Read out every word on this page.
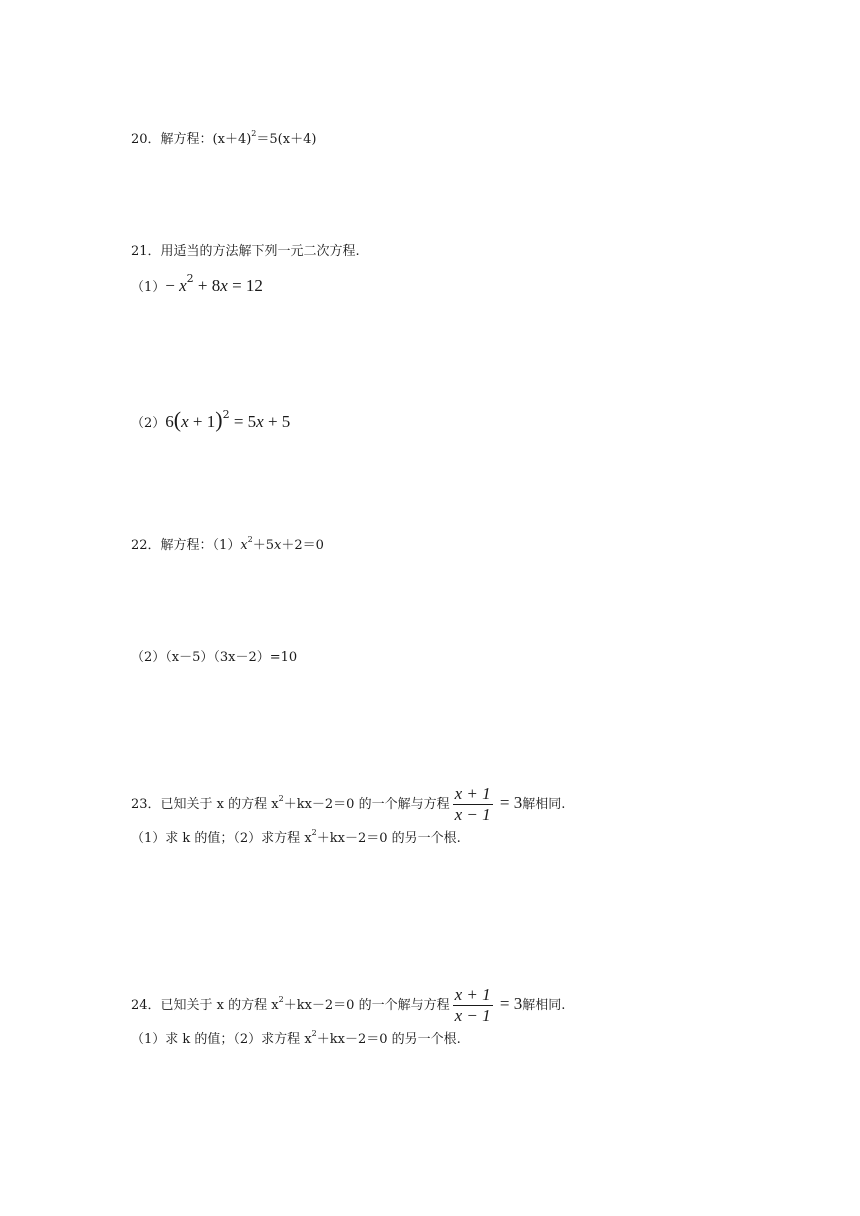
20．解方程：$(x+4)^2=5(x+4)$
21．用适当的方法解下列一元二次方程.
$(1)- x^2 + 8x = 12$
$(2)6(x + 1)^2 = 5x + 5$
22．解方程：$(1)x^2+5x+2=0$
（2）（x－5）（3x－2）=10
23．已知关于 x 的方程 $x^2+kx-2=0$ 的一个解与方程 $\frac{x + 1}{x - 1} = 3$解相同.
（1）求 k 的值；（2）求方程 $x^2+kx-2=0$ 的另一个根.
24．已知关于 x 的方程 $x^2+kx-2=0$ 的一个解与方程 $\frac{x + 1}{x - 1} = 3$解相同.
（1）求 k 的值；（2）求方程 $x^2+kx-2=0$ 的另一个根.
